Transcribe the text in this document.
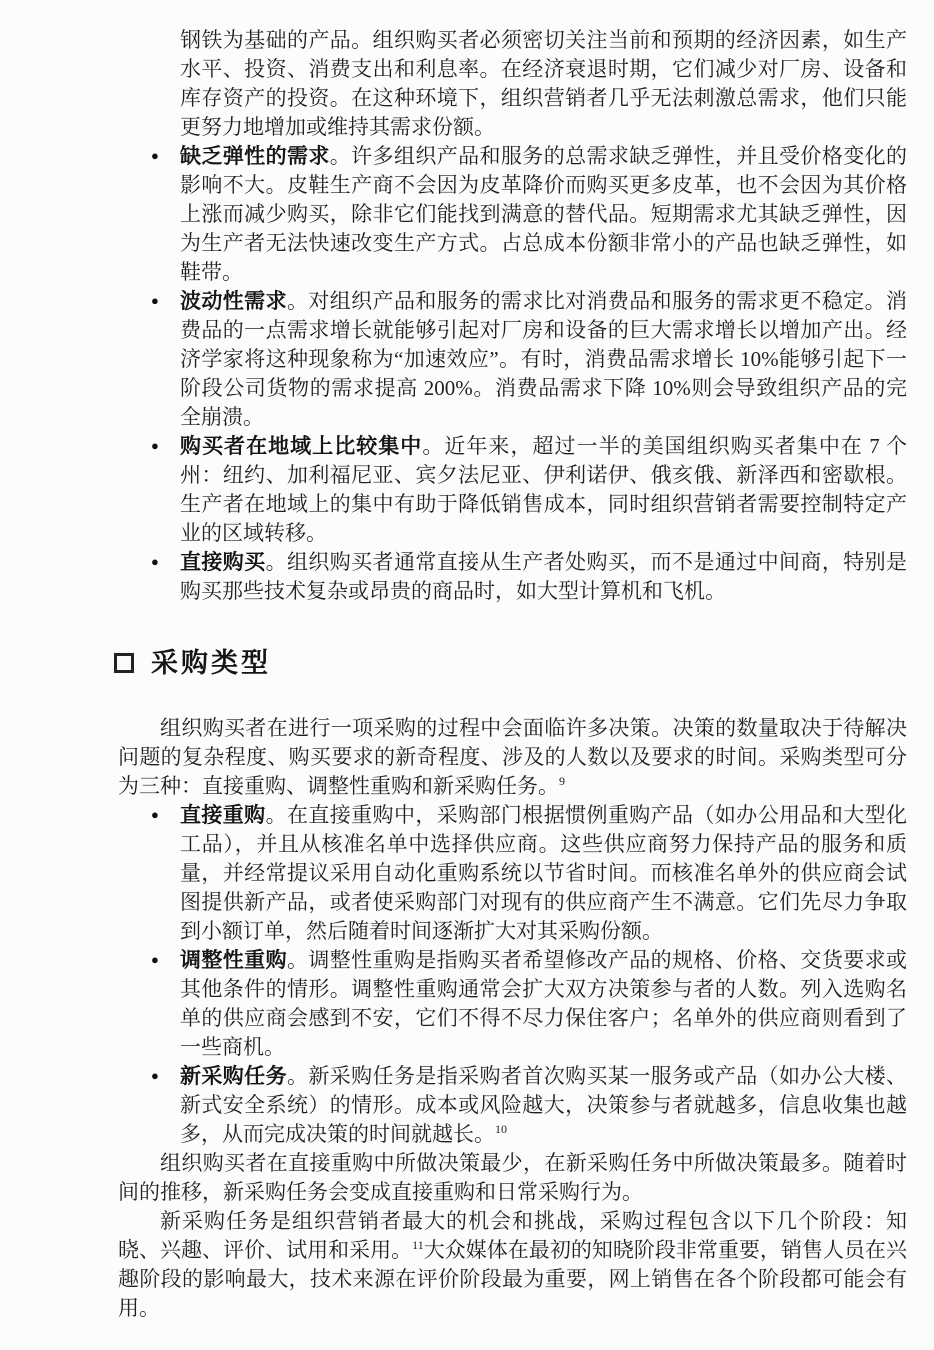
钢铁为基础的产品。组织购买者必须密切关注当前和预期的经济因素，如生产水平、投资、消费支出和利息率。在经济衰退时期，它们减少对厂房、设备和库存资产的投资。在这种环境下，组织营销者几乎无法刺激总需求，他们只能更努力地增加或维持其需求份额。
● 缺乏弹性的需求。许多组织产品和服务的总需求缺乏弹性，并且受价格变化的影响不大。皮鞋生产商不会因为皮革降价而购买更多皮革，也不会因为其价格上涨而减少购买，除非它们能找到满意的替代品。短期需求尤其缺乏弹性，因为生产者无法快速改变生产方式。占总成本份额非常小的产品也缺乏弹性，如鞋带。
● 波动性需求。对组织产品和服务的需求比对消费品和服务的需求更不稳定。消费品的一点需求增长就能够引起对厂房和设备的巨大需求增长以增加产出。经济学家将这种现象称为“加速效应”。有时，消费品需求增长 10%能够引起下一阶段公司货物的需求提高 200%。消费品需求下降 10%则会导致组织产品的完全崩溃。
● 购买者在地域上比较集中。近年来，超过一半的美国组织购买者集中在 7 个州：纽约、加利福尼亚、宾夕法尼亚、伊利诺伊、俄亥俄、新泽西和密歇根。生产者在地域上的集中有助于降低销售成本，同时组织营销者需要控制特定产业的区域转移。
● 直接购买。组织购买者通常直接从生产者处购买，而不是通过中间商，特别是购买那些技术复杂或昂贵的商品时，如大型计算机和飞机。
采购类型

组织购买者在进行一项采购的过程中会面临许多决策。决策的数量取决于待解决问题的复杂程度、购买要求的新奇程度、涉及的人数以及要求的时间。采购类型可分为三种：直接重购、调整性重购和新采购任务。$^9$

● 直接重购。在直接重购中，采购部门根据惯例重购产品（如办公用品和大型化工品），并且从核准名单中选择供应商。这些供应商努力保持产品的服务和质量，并经常提议采用自动化重购系统以节省时间。而核准名单外的供应商会试图提供新产品，或者使采购部门对现有的供应商产生不满意。它们先尽力争取到小额订单，然后随着时间逐渐扩大对其采购份额。
● 调整性重购。调整性重购是指购买者希望修改产品的规格、价格、交货要求或其他条件的情形。调整性重购通常会扩大双方决策参与者的人数。列入选购名单的供应商会感到不安，它们不得不尽力保住客户；名单外的供应商则看到了一些商机。
● 新采购任务。新采购任务是指采购者首次购买某一服务或产品（如办公大楼、新式安全系统）的情形。成本或风险越大，决策参与者就越多，信息收集也越多，从而完成决策的时间就越长。$^{10}$

组织购买者在直接重购中所做决策最少，在新采购任务中所做决策最多。随着时间的推移，新采购任务会变成直接重购和日常采购行为。

新采购任务是组织营销者最大的机会和挑战，采购过程包含以下几个阶段：知晓、兴趣、评价、试用和采用。$^{11}$大众媒体在最初的知晓阶段非常重要，销售人员在兴趣阶段的影响最大，技术来源在评价阶段最为重要，网上销售在各个阶段都可能会有用。
